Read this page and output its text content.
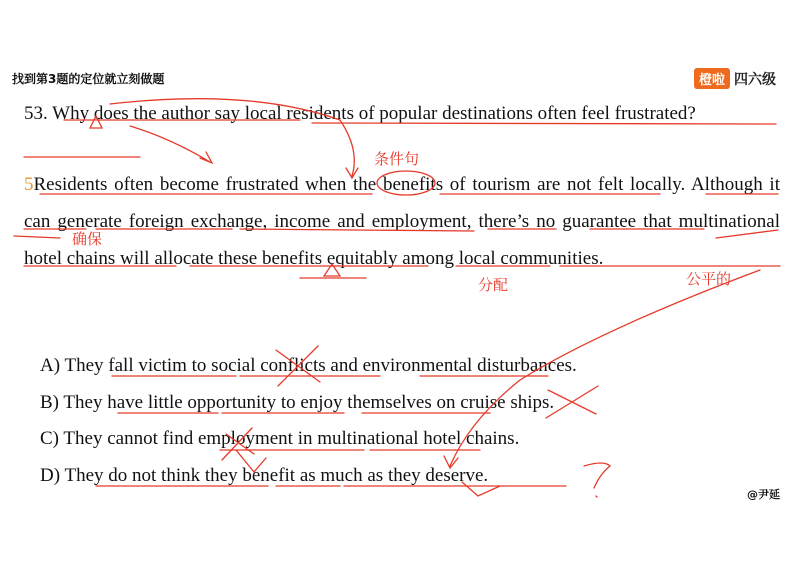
找到第3题的定位就立刻做题	橙啦 四六级
53. Why does the author say local residents of popular destinations often feel frustrated?
5Residents often become frustrated when the benefits of tourism are not felt locally. Although it can generate foreign exchange, income and employment, there’s no guarantee that multinational hotel chains will allocate these benefits equitably among local communities.
A) They fall victim to social conflicts and environmental disturbances.
B) They have little opportunity to enjoy themselves on cruise ships.
C) They cannot find employment in multinational hotel chains.
D) They do not think they benefit as much as they deserve.
条件句
确保
分配	公平的
@尹延
